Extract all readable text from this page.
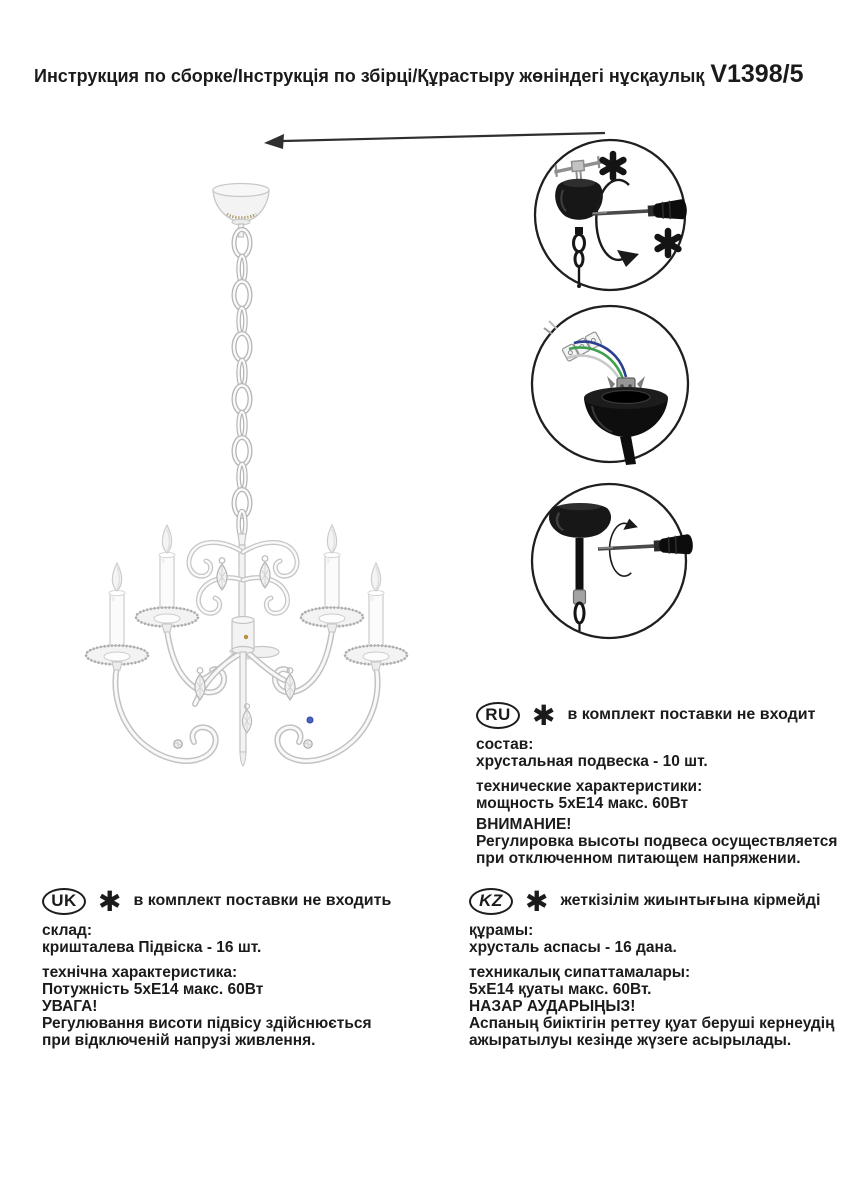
Инструкция по сборке/Інструкція по збірці/Құрастыру жөніндегі нұсқаулық V1398/5
RU ✱ в комплект поставки не входит
состав:
хрустальная подвеска - 10 шт.
технические характеристики:
мощность 5хЕ14 макс. 60Вт
ВНИМАНИЕ!
Регулировка высоты подвеса осуществляется
при отключенном питающем напряжении.
UK ✱ в комплект поставки не входить
склад:
кришталева Підвіска - 16 шт.
технічна характеристика:
Потужність 5хЕ14 макс. 60Вт
УВАГА!
Регулювання висоти підвісу здійснюється
при відключеній напрузі живлення.
KZ ✱ жеткізілім жиынтығына кірмейді
құрамы:
хрусталь аспасы - 16 дана.
техникалық сипаттамалары:
5хЕ14 қуаты макс. 60Вт.
НАЗАР АУДАРЫҢЫЗ!
Аспаның биіктігін реттеу қуат беруші кернеудің
ажыратылуы кезінде жүзеге асырылады.
